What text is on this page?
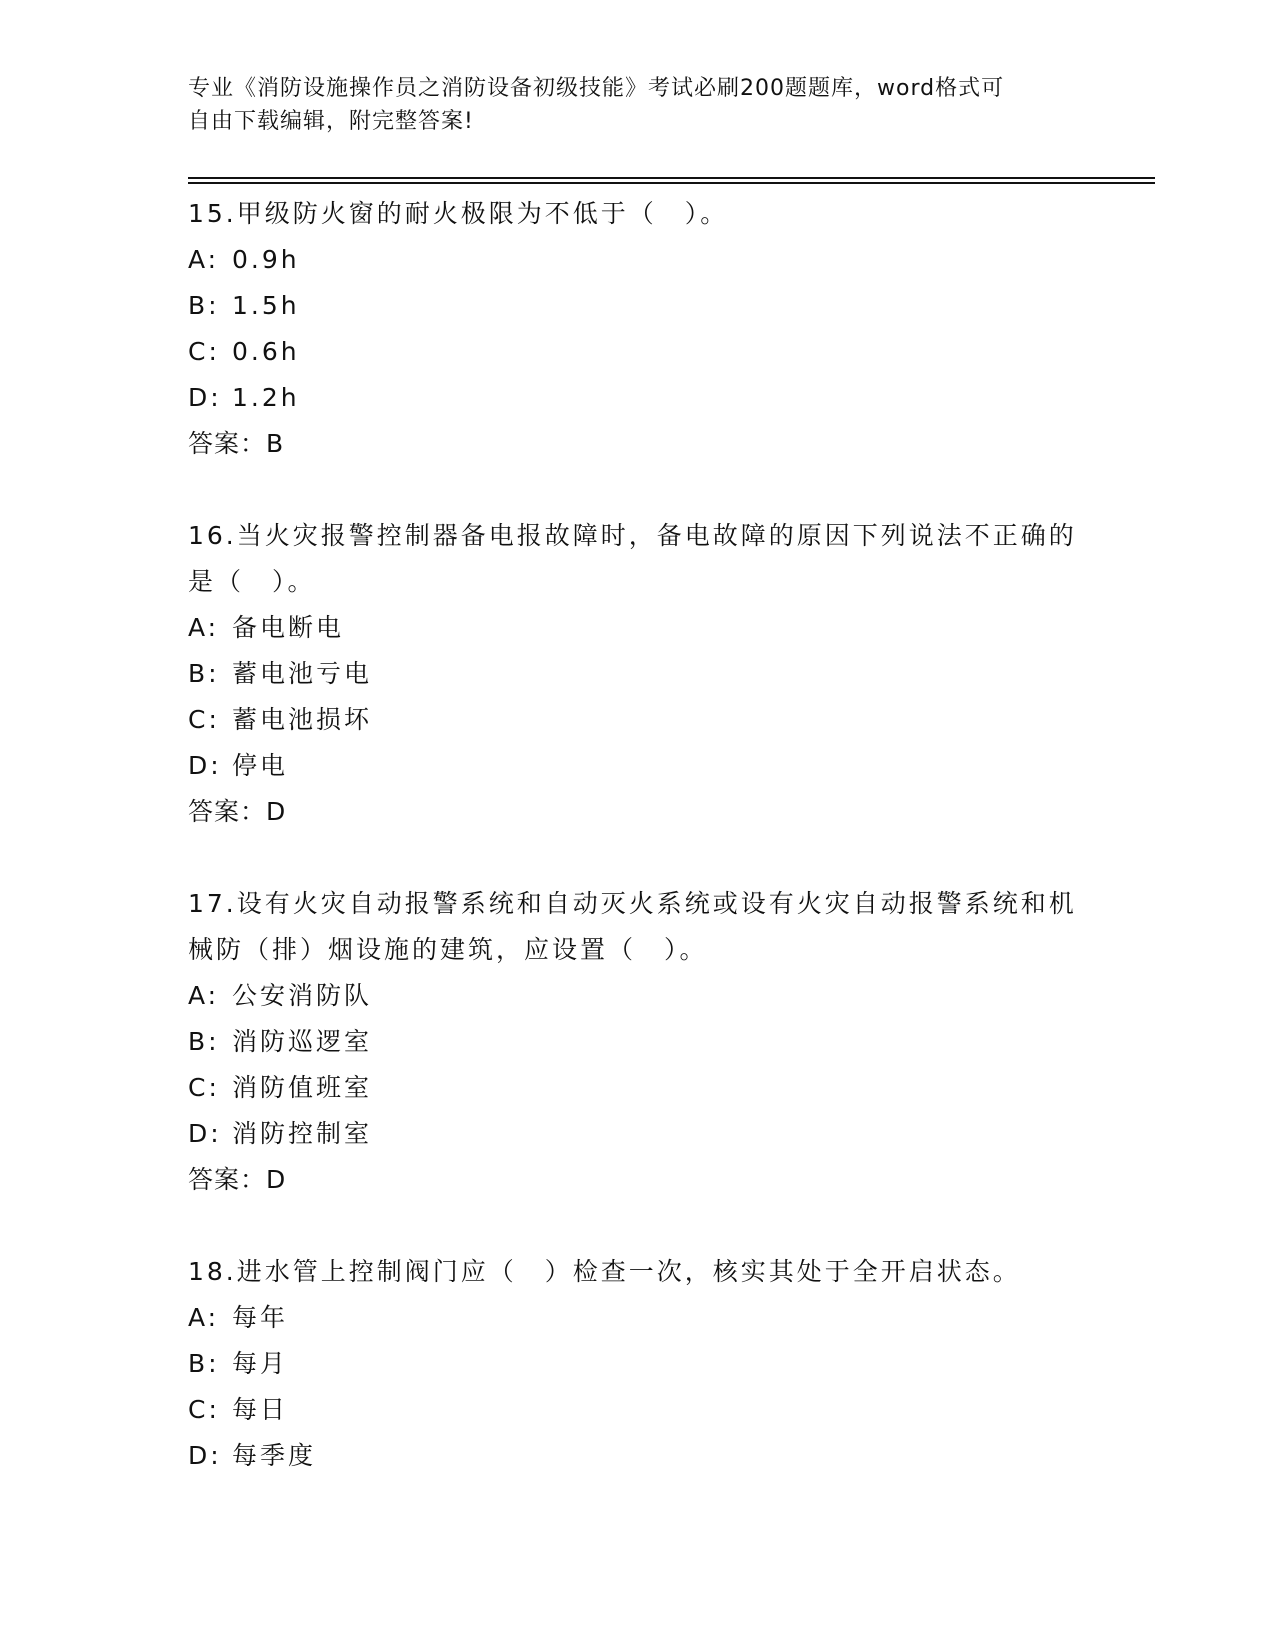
专业《消防设施操作员之消防设备初级技能》考试必刷200题题库，word格式可
自由下载编辑，附完整答案!
15.甲级防火窗的耐火极限为不低于（　）。
A: 0.9h
B: 1.5h
C: 0.6h
D: 1.2h
答案：B
16.当火灾报警控制器备电报故障时，备电故障的原因下列说法不正确的是（　）。
A: 备电断电
B: 蓄电池亏电
C: 蓄电池损坏
D: 停电
答案：D
17.设有火灾自动报警系统和自动灭火系统或设有火灾自动报警系统和机械防（排）烟设施的建筑，应设置（　）。
A: 公安消防队
B: 消防巡逻室
C: 消防值班室
D: 消防控制室
答案：D
18.进水管上控制阀门应（　）检查一次，核实其处于全开启状态。
A: 每年
B: 每月
C: 每日
D: 每季度
